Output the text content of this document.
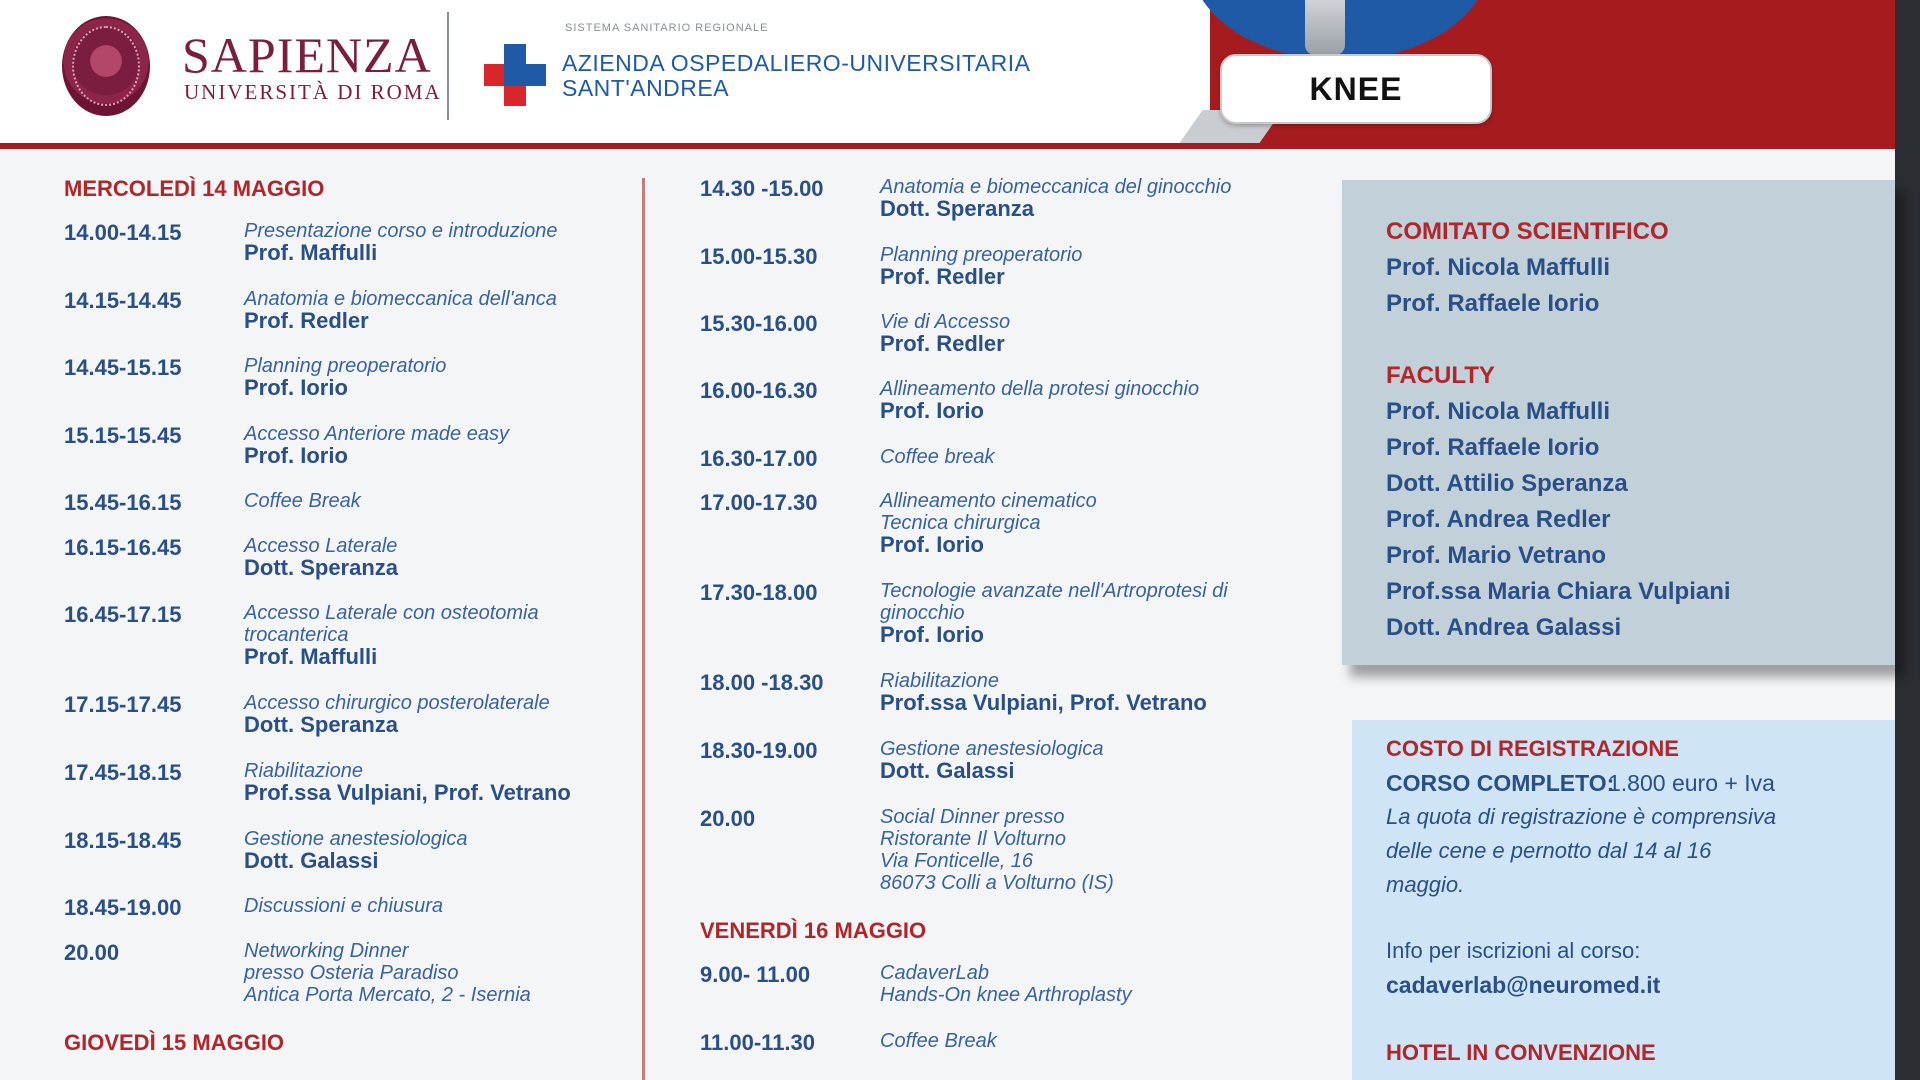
SAPIENZA
UNIVERSITÀ DI ROMA
SISTEMA SANITARIO REGIONALE
AZIENDA OSPEDALIERO-UNIVERSITARIA
SANT'ANDREA	KNEE
MERCOLEDÌ 14 MAGGIO
14.00-14.15	Presentazione corso e introduzione
Prof. Maffulli
14.15-14.45	Anatomia e biomeccanica dell'anca
Prof. Redler
14.45-15.15	Planning preoperatorio
Prof. Iorio
15.15-15.45	Accesso Anteriore made easy
Prof. Iorio
15.45-16.15	Coffee Break
16.15-16.45	Accesso Laterale
Dott. Speranza
16.45-17.15	Accesso Laterale con osteotomia
trocanterica
Prof. Maffulli
17.15-17.45	Accesso chirurgico posterolaterale
Dott. Speranza
17.45-18.15	Riabilitazione
Prof.ssa Vulpiani, Prof. Vetrano
18.15-18.45	Gestione anestesiologica
Dott. Galassi
18.45-19.00	Discussioni e chiusura
20.00	Networking Dinner
presso Osteria Paradiso
Antica Porta Mercato, 2 - Isernia
GIOVEDÌ 15 MAGGIO
14.30 -15.00	Anatomia e biomeccanica del ginocchio
Dott. Speranza
15.00-15.30	Planning preoperatorio
Prof. Redler
15.30-16.00	Vie di Accesso
Prof. Redler
16.00-16.30	Allineamento della protesi ginocchio
Prof. Iorio
16.30-17.00	Coffee break
17.00-17.30	Allineamento cinematico
Tecnica chirurgica
Prof. Iorio
17.30-18.00	Tecnologie avanzate nell'Artroprotesi di
ginocchio
Prof. Iorio
18.00 -18.30	Riabilitazione
Prof.ssa Vulpiani, Prof. Vetrano
18.30-19.00	Gestione anestesiologica
Dott. Galassi
20.00	Social Dinner presso
Ristorante Il Volturno
Via Fonticelle, 16
86073 Colli a Volturno (IS)
VENERDÌ 16 MAGGIO
9.00- 11.00	CadaverLab
Hands-On knee Arthroplasty
11.00-11.30	Coffee Break
COMITATO SCIENTIFICO
Prof. Nicola Maffulli
Prof. Raffaele Iorio
FACULTY
Prof. Nicola Maffulli
Prof. Raffaele Iorio
Dott. Attilio Speranza
Prof. Andrea Redler
Prof. Mario Vetrano
Prof.ssa Maria Chiara Vulpiani
Dott. Andrea Galassi
COSTO DI REGISTRAZIONE
CORSO COMPLETO:
1.800 euro + Iva
La quota di registrazione è comprensiva
delle cene e pernotto dal 14 al 16
maggio.
Info per iscrizioni al corso:
cadaverlab@neuromed.it
HOTEL IN CONVENZIONE
